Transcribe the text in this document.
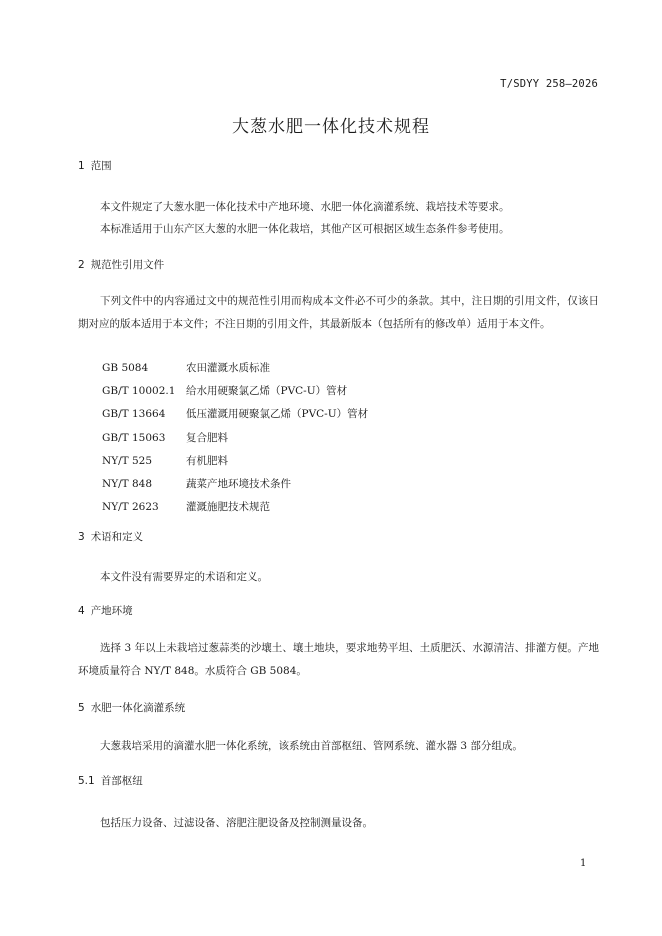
T/SDYY 258—2026
大葱水肥一体化技术规程
1 范围
本文件规定了大葱水肥一体化技术中产地环境、水肥一体化滴灌系统、栽培技术等要求。
本标准适用于山东产区大葱的水肥一体化栽培，其他产区可根据区域生态条件参考使用。
2 规范性引用文件
下列文件中的内容通过文中的规范性引用而构成本文件必不可少的条款。其中，注日期的引用文件，仅该日期对应的版本适用于本文件；不注日期的引用文件，其最新版本（包括所有的修改单）适用于本文件。
GB 5084	农田灌溉水质标准
GB/T 10002.1 给水用硬聚氯乙烯（PVC-U）管材
GB/T 13664 低压灌溉用硬聚氯乙烯（PVC-U）管材
GB/T 15063 复合肥料
NY/T 525	有机肥料
NY/T 848	蔬菜产地环境技术条件
NY/T 2623	灌溉施肥技术规范
3 术语和定义
本文件没有需要界定的术语和定义。
4 产地环境
选择 3 年以上未栽培过葱蒜类的沙壤土、壤土地块，要求地势平坦、土质肥沃、水源清洁、排灌方便。产地环境质量符合 NY/T 848。水质符合 GB 5084。
5 水肥一体化滴灌系统
大葱栽培采用的滴灌水肥一体化系统，该系统由首部枢纽、管网系统、灌水器 3 部分组成。
5.1 首部枢纽
包括压力设备、过滤设备、溶肥注肥设备及控制测量设备。
1
